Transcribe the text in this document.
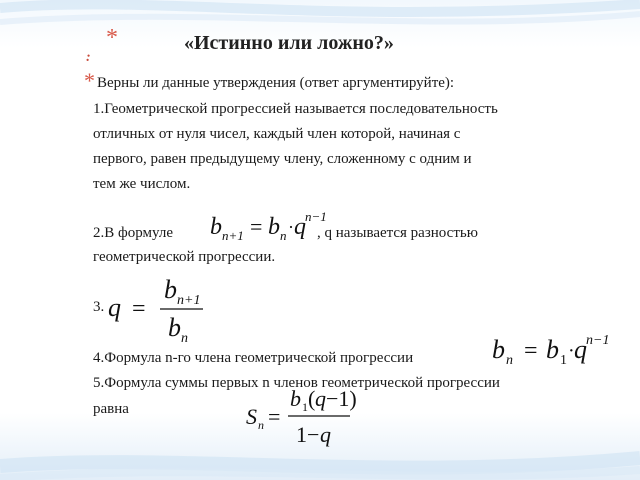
*	«Истинно или ложно?»
:
* Верны ли данные утверждения (ответ аргументируйте):
1.Геометрической прогрессией называется последовательность
отличных от нуля чисел, каждый член которой, начиная с
первого, равен предыдущему члену, сложенному с одним и
тем же числом.
2.В формуле b n+1 = b n · q n−1
, q называется разностью
геометрической прогрессии.
3. q =
b n+1
b n
4.Формула n-го члена геометрической прогрессии	b n = b 1 · q n−1
5.Формула суммы первых n членов геометрической прогрессии
равна	S n =
b 1 ( q −1)
1− q
